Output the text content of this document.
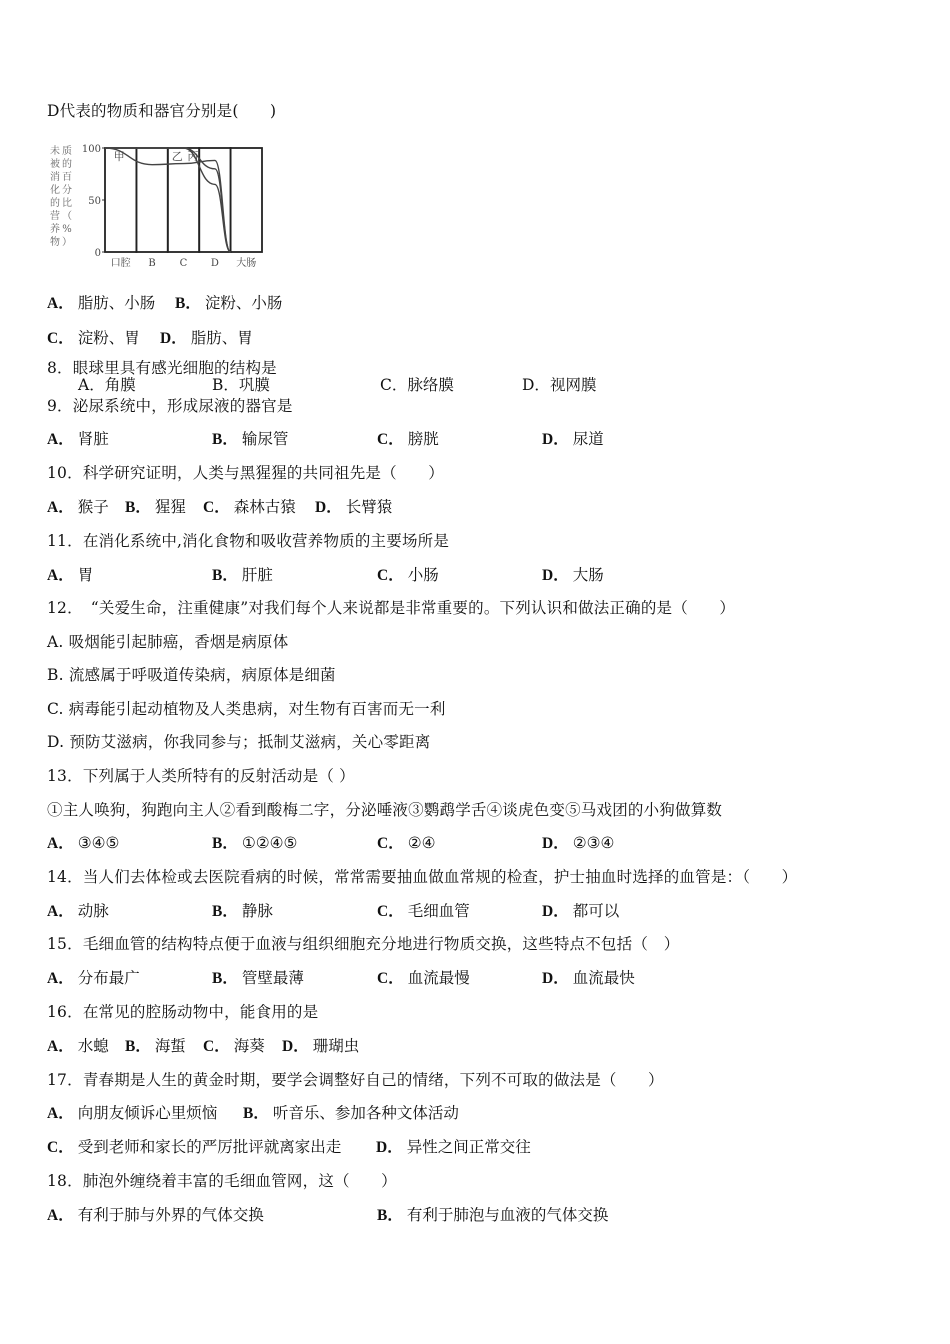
D代表的物质和器官分别是(　　)
未
被
消
化
的
营
养
物
质
的
百
分
比
（
%
）
100
50
0
口腔 B C D 大肠
甲	乙 丙
A． 脂肪、小肠 B． 淀粉、小肠
C． 淀粉、胃 D． 脂肪、胃
8．眼球里具有感光细胞的结构是
A．角膜	B．巩膜	C．脉络膜	D．视网膜
9．泌尿系统中，形成尿液的器官是
A． 肾脏	B． 输尿管	C． 膀胱	D． 尿道
10．科学研究证明，人类与黑猩猩的共同祖先是（　　）
A． 猴子 B． 猩猩 C． 森林古猿 D． 长臂猿
11．在消化系统中,消化食物和吸收营养物质的主要场所是
A． 胃	B． 肝脏	C． 小肠	D． 大肠
12．　“关爱生命，注重健康”对我们每个人来说都是非常重要的。下列认识和做法正确的是（　　）
A. 吸烟能引起肺癌，香烟是病原体
B. 流感属于呼吸道传染病，病原体是细菌
C. 病毒能引起动植物及人类患病，对生物有百害而无一利
D. 预防艾滋病，你我同参与；抵制艾滋病，关心零距离
13．下列属于人类所特有的反射活动是（ ）
①主人唤狗，狗跑向主人②看到酸梅二字，分泌唾液③鹦鹉学舌④谈虎色变⑤马戏团的小狗做算数
A． ③④⑤	B． ①②④⑤	C． ②④	D． ②③④
14．当人们去体检或去医院看病的时候，常常需要抽血做血常规的检查，护士抽血时选择的血管是：（　　）
A． 动脉	B． 静脉	C． 毛细血管	D． 都可以
15．毛细血管的结构特点便于血液与组织细胞充分地进行物质交换，这些特点不包括（　）
A． 分布最广	B． 管壁最薄	C． 血流最慢	D． 血流最快
16．在常见的腔肠动物中，能食用的是
A． 水螅 B． 海蜇 C． 海葵 D． 珊瑚虫
17．青春期是人生的黄金时期，要学会调整好自己的情绪，下列不可取的做法是（　　）
A． 向朋友倾诉心里烦恼 B． 听音乐、参加各种文体活动
C． 受到老师和家长的严厉批评就离家出走 D． 异性之间正常交往
18．肺泡外缠绕着丰富的毛细血管网，这（　　）
A． 有利于肺与外界的气体交换	B． 有利于肺泡与血液的气体交换
